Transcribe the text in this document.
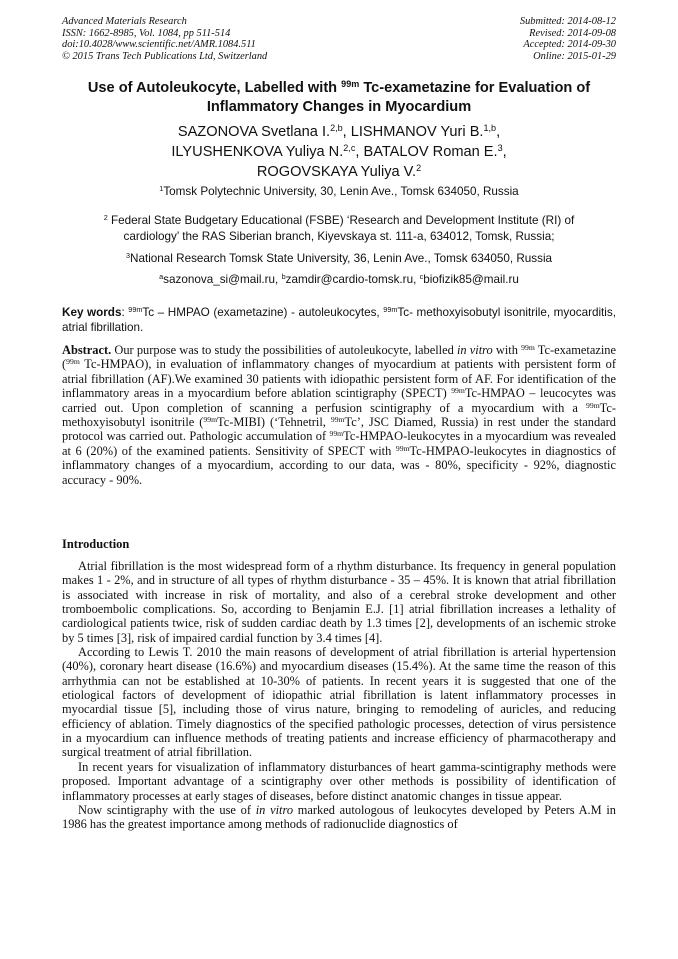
Advanced Materials Research
ISSN: 1662-8985, Vol. 1084, pp 511-514
doi:10.4028/www.scientific.net/AMR.1084.511
© 2015 Trans Tech Publications Ltd, Switzerland
Submitted: 2014-08-12
Revised: 2014-09-08
Accepted: 2014-09-30
Online: 2015-01-29
Use of Autoleukocyte, Labelled with $^{99m}$ Tc-exametazine for Evaluation of Inflammatory Changes in Myocardium
SAZONOVA Svetlana I.$^{2,b}$, LISHMANOV Yuri B.$^{1,b}$,
ILYUSHENKOVA Yuliya N.$^{2,c}$, BATALOV Roman E.$^3$,
ROGOVSKAYA Yuliya V.$^2$
$^1$Tomsk Polytechnic University, 30, Lenin Ave., Tomsk 634050, Russia
$^2$ Federal State Budgetary Educational (FSBE) ‘Research and Development Institute (RI) of cardiology’ the RAS Siberian branch, Kiyevskaya st. 111-a, 634012, Tomsk, Russia;
$^3$National Research Tomsk State University, 36, Lenin Ave., Tomsk 634050, Russia
$^a$sazonova_si@mail.ru, $^b$zamdir@cardio-tomsk.ru, $^c$biofizik85@mail.ru
Key words: $^{99m}$Tc – HMPAO (exametazine) - autoleukocytes, $^{99m}$Tc- methoxyisobutyl isonitrile, myocarditis, atrial fibrillation.
Abstract. Our purpose was to study the possibilities of autoleukocyte, labelled in vitro with $^{99m}$ Tc-exametazine ($^{99m}$ Tc-HMPAO), in evaluation of inflammatory changes of myocardium at patients with persistent form of atrial fibrillation (AF).We examined 30 patients with idiopathic persistent form of AF. For identification of the inflammatory areas in a myocardium before ablation scintigraphy (SPECT) $^{99m}$Tc-HMPAO – leucocytes was carried out. Upon completion of scanning a perfusion scintigraphy of a myocardium with a $^{99m}$Tc-methoxyisobutyl isonitrile ($^{99m}$Tc-MIBI) (‘Tehnetril, $^{99m}$Tc’, JSC Diamed, Russia) in rest under the standard protocol was carried out. Pathologic accumulation of $^{99m}$Tc-HMPAO-leukocytes in a myocardium was revealed at 6 (20%) of the examined patients. Sensitivity of SPECT with $^{99m}$Tc-HMPAO-leukocytes in diagnostics of inflammatory changes of a myocardium, according to our data, was - 80%, specificity - 92%, diagnostic accuracy - 90%.
Introduction

Atrial fibrillation is the most widespread form of a rhythm disturbance. Its frequency in general population makes 1 - 2%, and in structure of all types of rhythm disturbance - 35 – 45%. It is known that atrial fibrillation is associated with increase in risk of mortality, and also of a cerebral stroke development and other tromboembolic complications. So, according to Benjamin E.J. [1] atrial fibrillation increases a lethality of cardiological patients twice, risk of sudden cardiac death by 1.3 times [2], developments of an ischemic stroke by 5 times [3], risk of impaired cardial function by 3.4 times [4].

According to Lewis T. 2010 the main reasons of development of atrial fibrillation is arterial hypertension (40%), coronary heart disease (16.6%) and myocardium diseases (15.4%). At the same time the reason of this arrhythmia can not be established at 10-30% of patients. In recent years it is suggested that one of the etiological factors of development of idiopathic atrial fibrillation is latent inflammatory processes in myocardial tissue [5], including those of virus nature, bringing to remodeling of auricles, and reducing efficiency of ablation. Timely diagnostics of the specified pathologic processes, detection of virus persistence in a myocardium can influence methods of treating patients and increase efficiency of pharmacotherapy and surgical treatment of atrial fibrillation.

In recent years for visualization of inflammatory disturbances of heart gamma-scintigraphy methods were proposed. Important advantage of a scintigraphy over other methods is possibility of identification of inflammatory processes at early stages of diseases, before distinct anatomic changes in tissue appear.

Now scintigraphy with the use of in vitro marked autologous of leukocytes developed by Peters A.M in 1986 has the greatest importance among methods of radionuclide diagnostics of
